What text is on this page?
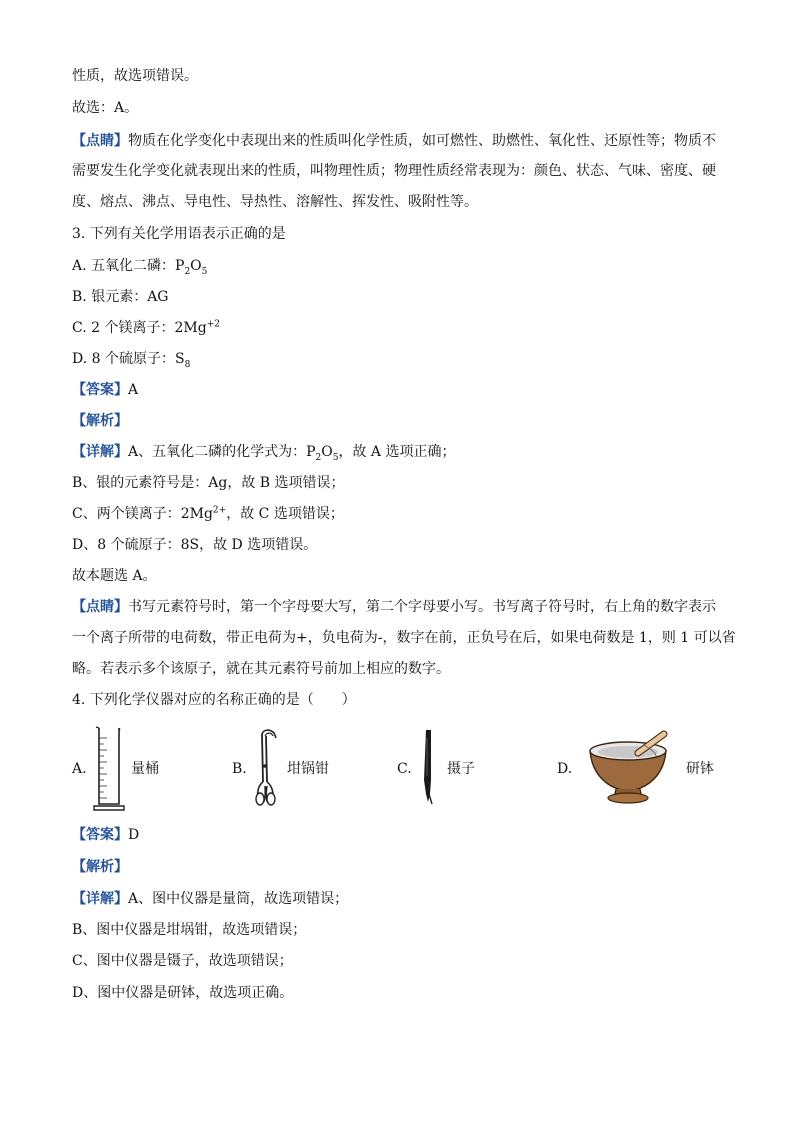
性质，故选项错误。
故选：A。
【点睛】物质在化学变化中表现出来的性质叫化学性质，如可燃性、助燃性、氧化性、还原性等；物质不
需要发生化学变化就表现出来的性质，叫物理性质；物理性质经常表现为：颜色、状态、气味、密度、硬
度、熔点、沸点、导电性、导热性、溶解性、挥发性、吸附性等。
3. 下列有关化学用语表示正确的是
A. 五氧化二磷：$P_2O_5$
B. 银元素：AG
C. 2 个镁离子：$2Mg^{+2}$
D. 8 个硫原子：$S_8$
【答案】A
【解析】
【详解】A、五氧化二磷的化学式为：$P_2O_5$，故 A 选项正确；
B、银的元素符号是：Ag，故 B 选项错误；
C、两个镁离子：$2Mg^{2+}$，故 C 选项错误；
D、8 个硫原子：8S，故 D 选项错误。
故本题选 A。
【点睛】书写元素符号时，第一个字母要大写，第二个字母要小写。书写离子符号时，右上角的数字表示
一个离子所带的电荷数，带正电荷为+，负电荷为-，数字在前，正负号在后，如果电荷数是 1，则 1 可以省
略。若表示多个该原子，就在其元素符号前加上相应的数字。
4. 下列化学仪器对应的名称正确的是（　　）
A.	量桶	B.	坩锅钳	C.	摄子	D.	研钵
【答案】D
【解析】
【详解】A、图中仪器是量筒，故选项错误；
B、图中仪器是坩埚钳，故选项错误；
C、图中仪器是镊子，故选项错误；
D、图中仪器是研钵，故选项正确。
